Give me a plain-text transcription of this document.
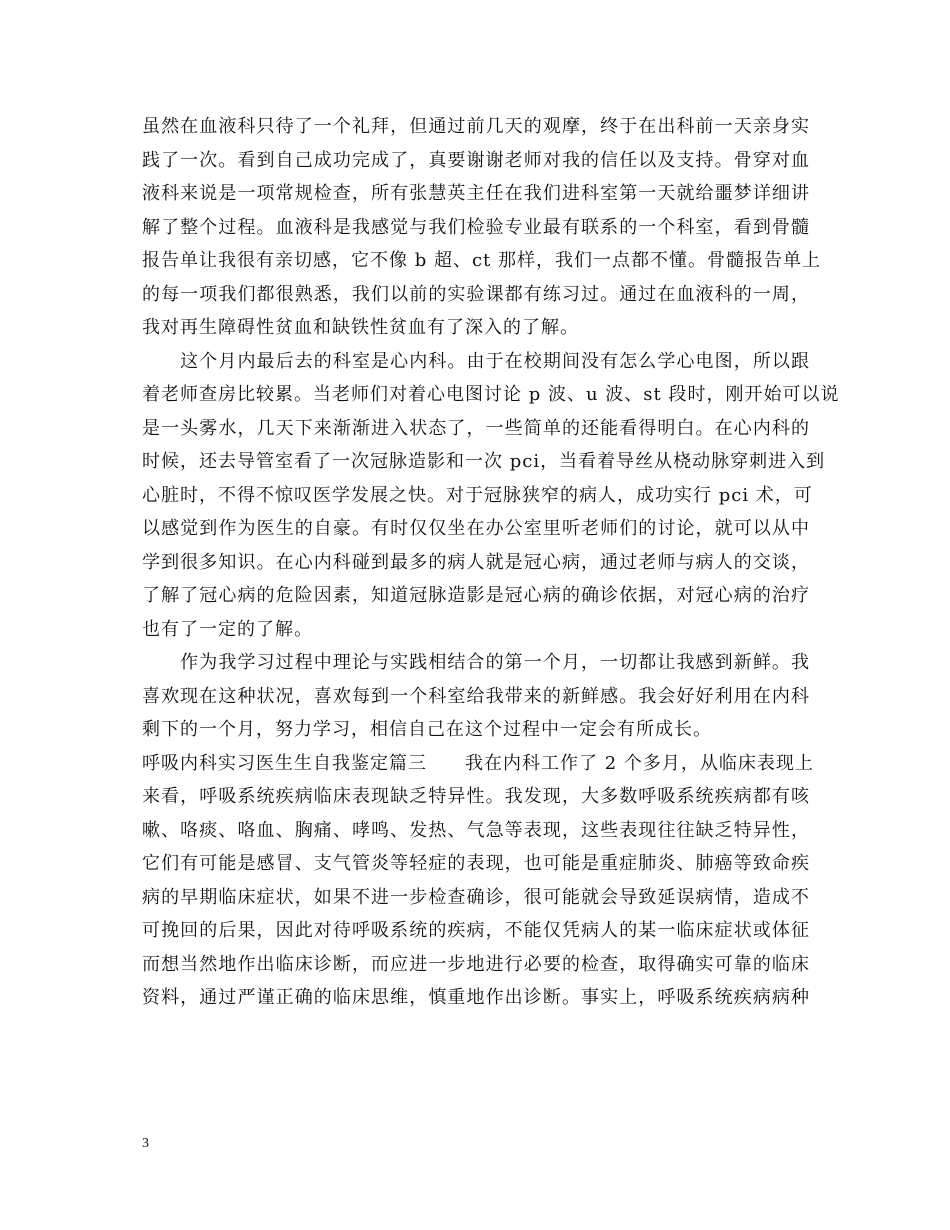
虽然在血液科只待了一个礼拜，但通过前几天的观摩，终于在出科前一天亲身实
践了一次。看到自己成功完成了，真要谢谢老师对我的信任以及支持。骨穿对血
液科来说是一项常规检查，所有张慧英主任在我们进科室第一天就给噩梦详细讲
解了整个过程。血液科是我感觉与我们检验专业最有联系的一个科室，看到骨髓
报告单让我很有亲切感，它不像 b 超、ct 那样，我们一点都不懂。骨髓报告单上
的每一项我们都很熟悉，我们以前的实验课都有练习过。通过在血液科的一周，
我对再生障碍性贫血和缺铁性贫血有了深入的了解。
　　这个月内最后去的科室是心内科。由于在校期间没有怎么学心电图，所以跟
着老师查房比较累。当老师们对着心电图讨论 p 波、u 波、st 段时，刚开始可以说
是一头雾水，几天下来渐渐进入状态了，一些简单的还能看得明白。在心内科的
时候，还去导管室看了一次冠脉造影和一次 pci，当看着导丝从桡动脉穿刺进入到
心脏时，不得不惊叹医学发展之快。对于冠脉狭窄的病人，成功实行 pci 术，可
以感觉到作为医生的自豪。有时仅仅坐在办公室里听老师们的讨论，就可以从中
学到很多知识。在心内科碰到最多的病人就是冠心病，通过老师与病人的交谈，
了解了冠心病的危险因素，知道冠脉造影是冠心病的确诊依据，对冠心病的治疗
也有了一定的了解。
　　作为我学习过程中理论与实践相结合的第一个月，一切都让我感到新鲜。我
喜欢现在这种状况，喜欢每到一个科室给我带来的新鲜感。我会好好利用在内科
剩下的一个月，努力学习，相信自己在这个过程中一定会有所成长。
呼吸内科实习医生生自我鉴定篇三　　我在内科工作了 2 个多月，从临床表现上
来看，呼吸系统疾病临床表现缺乏特异性。我发现，大多数呼吸系统疾病都有咳
嗽、咯痰、咯血、胸痛、哮鸣、发热、气急等表现，这些表现往往缺乏特异性，
它们有可能是感冒、支气管炎等轻症的表现，也可能是重症肺炎、肺癌等致命疾
病的早期临床症状，如果不进一步检查确诊，很可能就会导致延误病情，造成不
可挽回的后果，因此对待呼吸系统的疾病，不能仅凭病人的某一临床症状或体征
而想当然地作出临床诊断，而应进一步地进行必要的检查，取得确实可靠的临床
资料，通过严谨正确的临床思维，慎重地作出诊断。事实上，呼吸系统疾病病种
3
